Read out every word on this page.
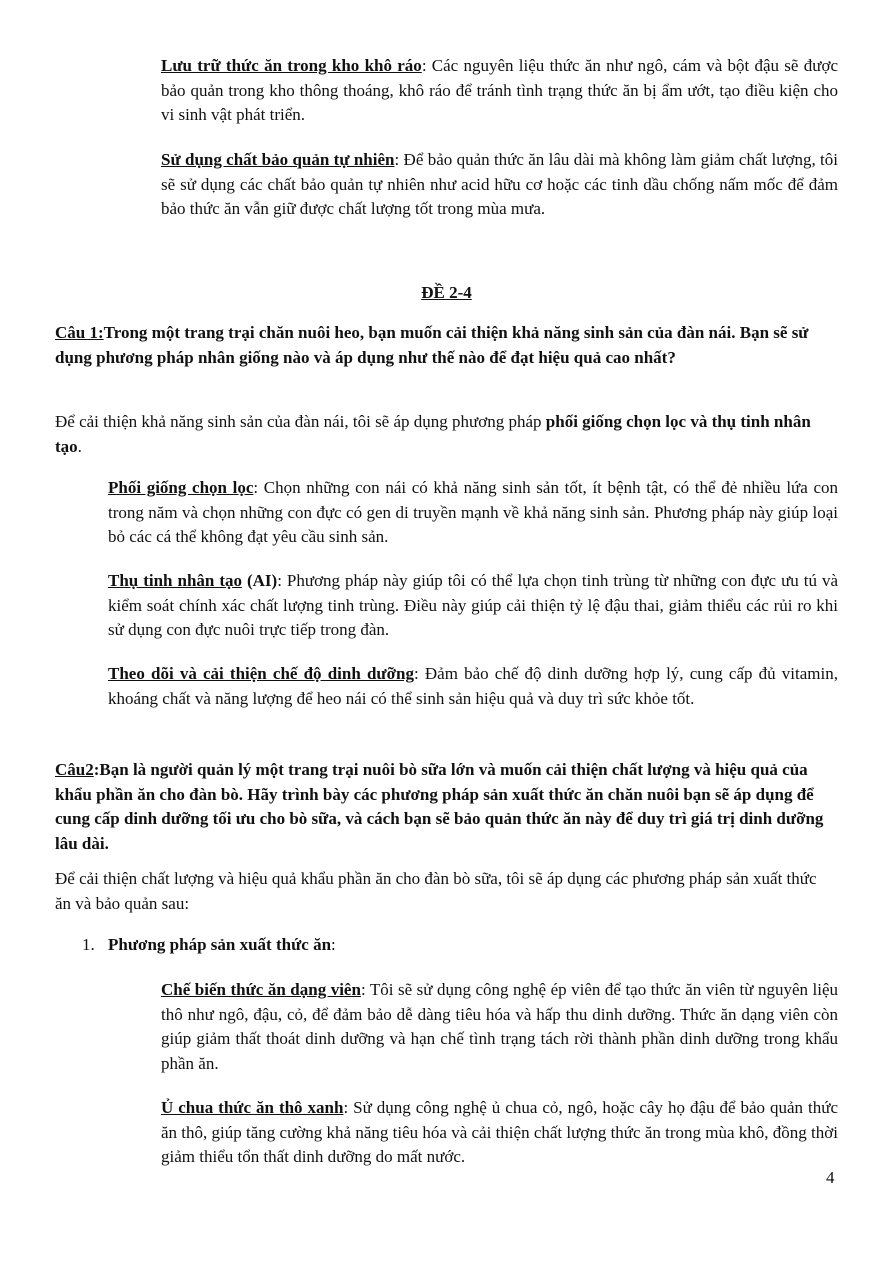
Lưu trữ thức ăn trong kho khô ráo: Các nguyên liệu thức ăn như ngô, cám và bột đậu sẽ được bảo quản trong kho thông thoáng, khô ráo để tránh tình trạng thức ăn bị ẩm ướt, tạo điều kiện cho vi sinh vật phát triển.

Sử dụng chất bảo quản tự nhiên: Để bảo quản thức ăn lâu dài mà không làm giảm chất lượng, tôi sẽ sử dụng các chất bảo quản tự nhiên như acid hữu cơ hoặc các tinh dầu chống nấm mốc để đảm bảo thức ăn vẫn giữ được chất lượng tốt trong mùa mưa.

ĐỀ 2-4

Câu 1:Trong một trang trại chăn nuôi heo, bạn muốn cải thiện khả năng sinh sản của đàn nái. Bạn sẽ sử dụng phương pháp nhân giống nào và áp dụng như thế nào để đạt hiệu quả cao nhất?

Để cải thiện khả năng sinh sản của đàn nái, tôi sẽ áp dụng phương pháp phối giống chọn lọc và thụ tinh nhân tạo.

Phối giống chọn lọc: Chọn những con nái có khả năng sinh sản tốt, ít bệnh tật, có thể đẻ nhiều lứa con trong năm và chọn những con đực có gen di truyền mạnh về khả năng sinh sản. Phương pháp này giúp loại bỏ các cá thể không đạt yêu cầu sinh sản.

Thụ tinh nhân tạo (AI): Phương pháp này giúp tôi có thể lựa chọn tinh trùng từ những con đực ưu tú và kiểm soát chính xác chất lượng tinh trùng. Điều này giúp cải thiện tỷ lệ đậu thai, giảm thiểu các rủi ro khi sử dụng con đực nuôi trực tiếp trong đàn.

Theo dõi và cải thiện chế độ dinh dưỡng: Đảm bảo chế độ dinh dưỡng hợp lý, cung cấp đủ vitamin, khoáng chất và năng lượng để heo nái có thể sinh sản hiệu quả và duy trì sức khỏe tốt.

Câu2:Bạn là người quản lý một trang trại nuôi bò sữa lớn và muốn cải thiện chất lượng và hiệu quả của khẩu phần ăn cho đàn bò. Hãy trình bày các phương pháp sản xuất thức ăn chăn nuôi bạn sẽ áp dụng để cung cấp dinh dưỡng tối ưu cho bò sữa, và cách bạn sẽ bảo quản thức ăn này để duy trì giá trị dinh dưỡng lâu dài.

Để cải thiện chất lượng và hiệu quả khẩu phần ăn cho đàn bò sữa, tôi sẽ áp dụng các phương pháp sản xuất thức ăn và bảo quản sau:

1. Phương pháp sản xuất thức ăn:

Chế biến thức ăn dạng viên: Tôi sẽ sử dụng công nghệ ép viên để tạo thức ăn viên từ nguyên liệu thô như ngô, đậu, cỏ, để đảm bảo dễ dàng tiêu hóa và hấp thu dinh dưỡng. Thức ăn dạng viên còn giúp giảm thất thoát dinh dưỡng và hạn chế tình trạng tách rời thành phần dinh dưỡng trong khẩu phần ăn.

Ủ chua thức ăn thô xanh: Sử dụng công nghệ ủ chua cỏ, ngô, hoặc cây họ đậu để bảo quản thức ăn thô, giúp tăng cường khả năng tiêu hóa và cải thiện chất lượng thức ăn trong mùa khô, đồng thời giảm thiểu tổn thất dinh dưỡng do mất nước.

4
